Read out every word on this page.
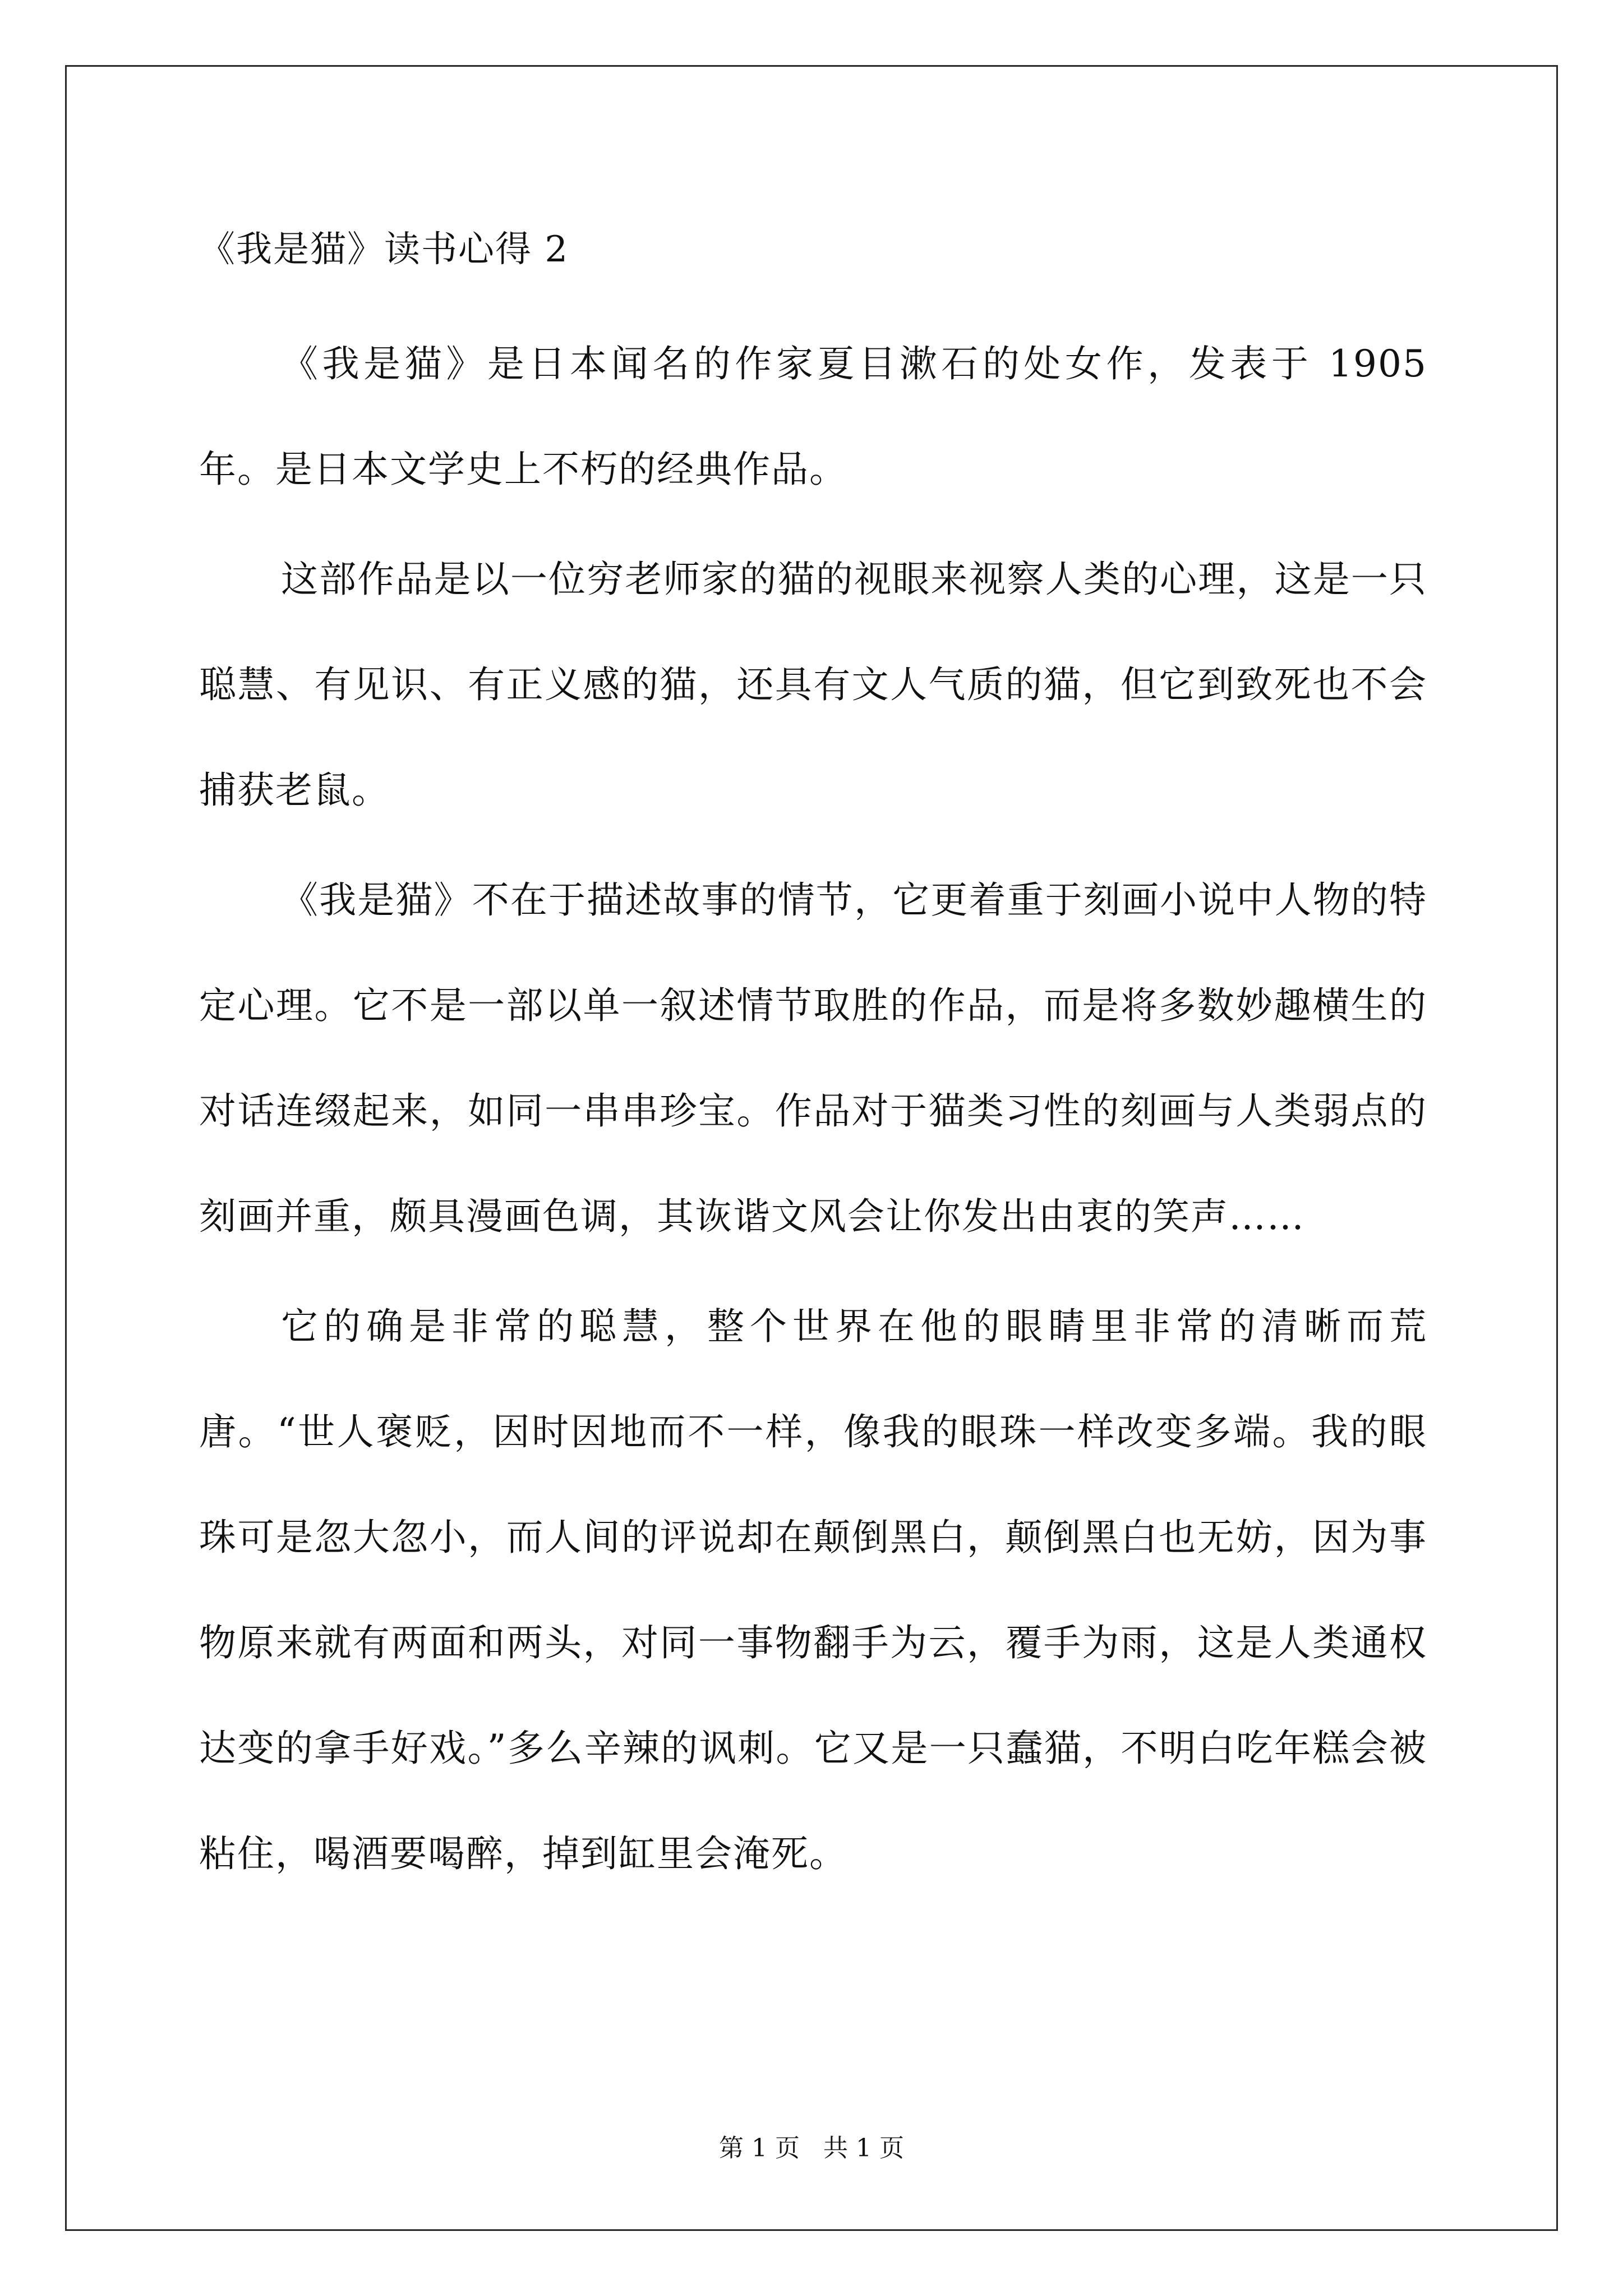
《我是猫》读书心得 2

《我是猫》是日本闻名的作家夏目漱石的处女作，发表于 1905 年。是日本文学史上不朽的经典作品。

这部作品是以一位穷老师家的猫的视眼来视察人类的心理，这是一只聪慧、有见识、有正义感的猫，还具有文人气质的猫，但它到致死也不会捕获老鼠。

《我是猫》不在于描述故事的情节，它更着重于刻画小说中人物的特定心理。它不是一部以单一叙述情节取胜的作品，而是将多数妙趣横生的对话连缀起来，如同一串串珍宝。作品对于猫类习性的刻画与人类弱点的刻画并重，颇具漫画色调，其诙谐文风会让你发出由衷的笑声……

它的确是非常的聪慧，整个世界在他的眼睛里非常的清晰而荒唐。“世人褒贬，因时因地而不一样，像我的眼珠一样改变多端。我的眼珠可是忽大忽小，而人间的评说却在颠倒黑白，颠倒黑白也无妨，因为事物原来就有两面和两头，对同一事物翻手为云，覆手为雨，这是人类通权达变的拿手好戏。”多么辛辣的讽刺。它又是一只蠢猫，不明白吃年糕会被粘住，喝酒要喝醉，掉到缸里会淹死。

第 1 页   共 1 页
